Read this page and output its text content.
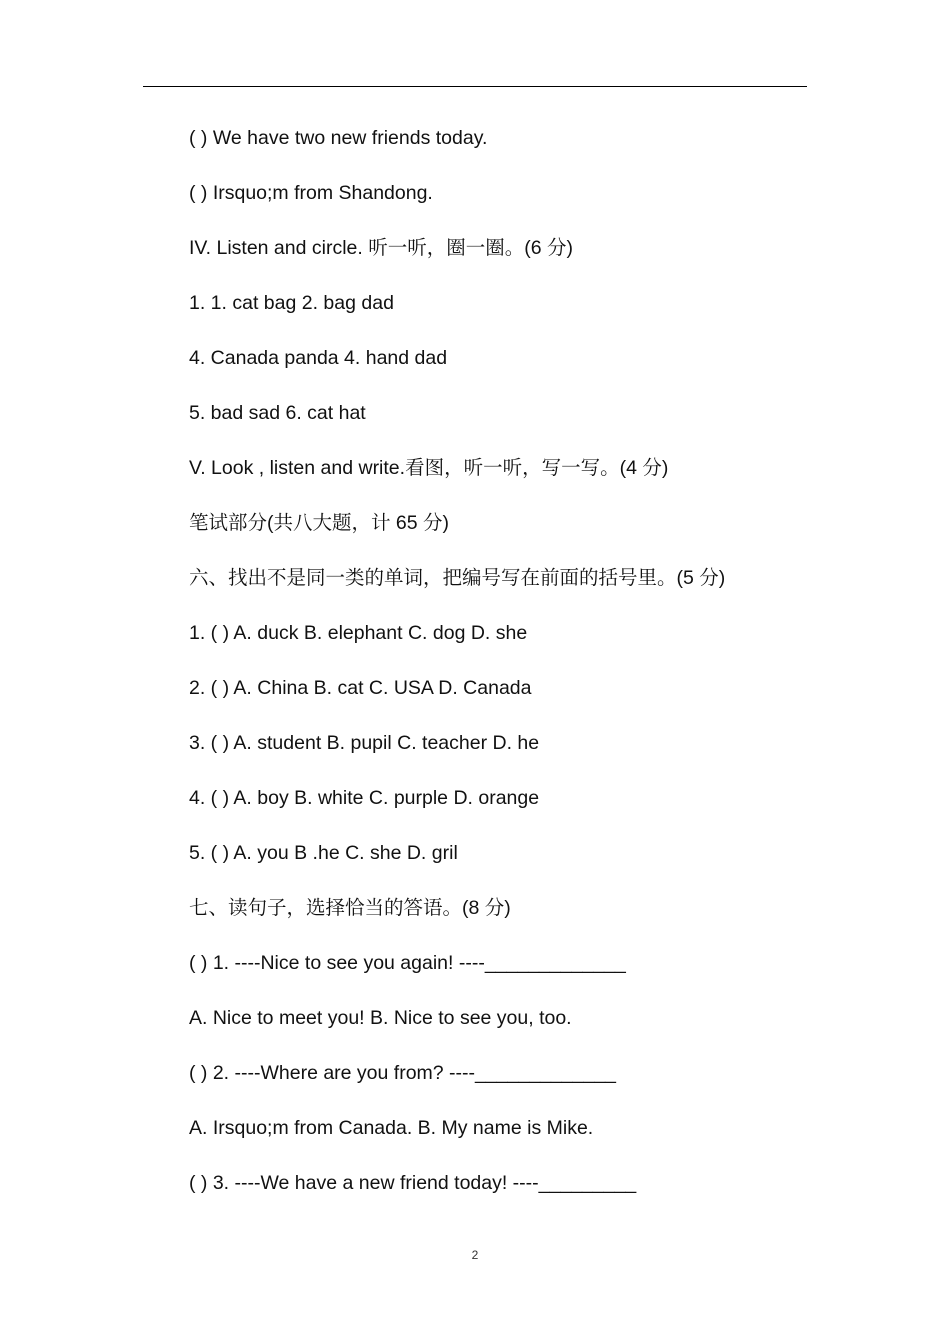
( ) We have two new friends today.
( ) Irsquo;m from Shandong.
IV. Listen and circle. 听一听，圈一圈。(6 分)
1. 1. cat bag 2. bag dad
4. Canada panda 4. hand dad
5. bad sad 6. cat hat
V. Look , listen and write.看图，听一听，写一写。(4 分)
笔试部分(共八大题，计 65 分)
六、找出不是同一类的单词，把编号写在前面的括号里。(5 分)
1. ( ) A. duck B. elephant C. dog D. she
2. ( ) A. China B. cat C. USA D. Canada
3. ( ) A. student B. pupil C. teacher D. he
4. ( ) A. boy B. white C. purple D. orange
5. ( ) A. you B .he C. she D. gril
七、读句子，选择恰当的答语。(8 分)
( ) 1. ----Nice to see you again! ----_____________
A. Nice to meet you! B. Nice to see you, too.
( ) 2. ----Where are you from? ----_____________
A. Irsquo;m from Canada. B. My name is Mike.
( ) 3. ----We have a new friend today! ----_________
2
